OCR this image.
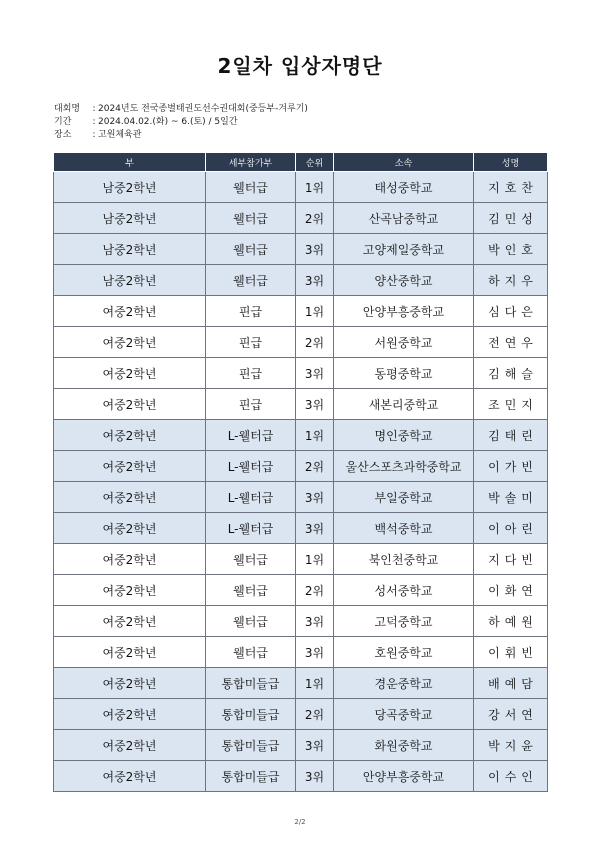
2일차 입상자명단
대회명	: 2024년도 전국종별태권도선수권대회(중등부-겨루기)
기간	: 2024.04.02.(화) ~ 6.(토) / 5일간
장소	: 고원체육관
부	세부참가부	순위	소속	성명
남중2학년	웰터급	1위	태성중학교	지호찬
남중2학년	웰터급	2위	산곡남중학교	김민성
남중2학년	웰터급	3위	고양제일중학교	박인호
남중2학년	웰터급	3위	양산중학교	하지우
여중2학년	핀급	1위	안양부흥중학교	심다은
여중2학년	핀급	2위	서원중학교	전연우
여중2학년	핀급	3위	동평중학교	김해슬
여중2학년	핀급	3위	새본리중학교	조민지
여중2학년	L-웰터급	1위	명인중학교	김태린
여중2학년	L-웰터급	2위	울산스포츠과학중학교	이가빈
여중2학년	L-웰터급	3위	부일중학교	박솔미
여중2학년	L-웰터급	3위	백석중학교	이아린
여중2학년	웰터급	1위	북인천중학교	지다빈
여중2학년	웰터급	2위	성서중학교	이화연
여중2학년	웰터급	3위	고덕중학교	하예원
여중2학년	웰터급	3위	호원중학교	이휘빈
여중2학년	통합미들급	1위	경운중학교	배예담
여중2학년	통합미들급	2위	당곡중학교	강서연
여중2학년	통합미들급	3위	화원중학교	박지윤
여중2학년	통합미들급	3위	안양부흥중학교	이수인
2/2
